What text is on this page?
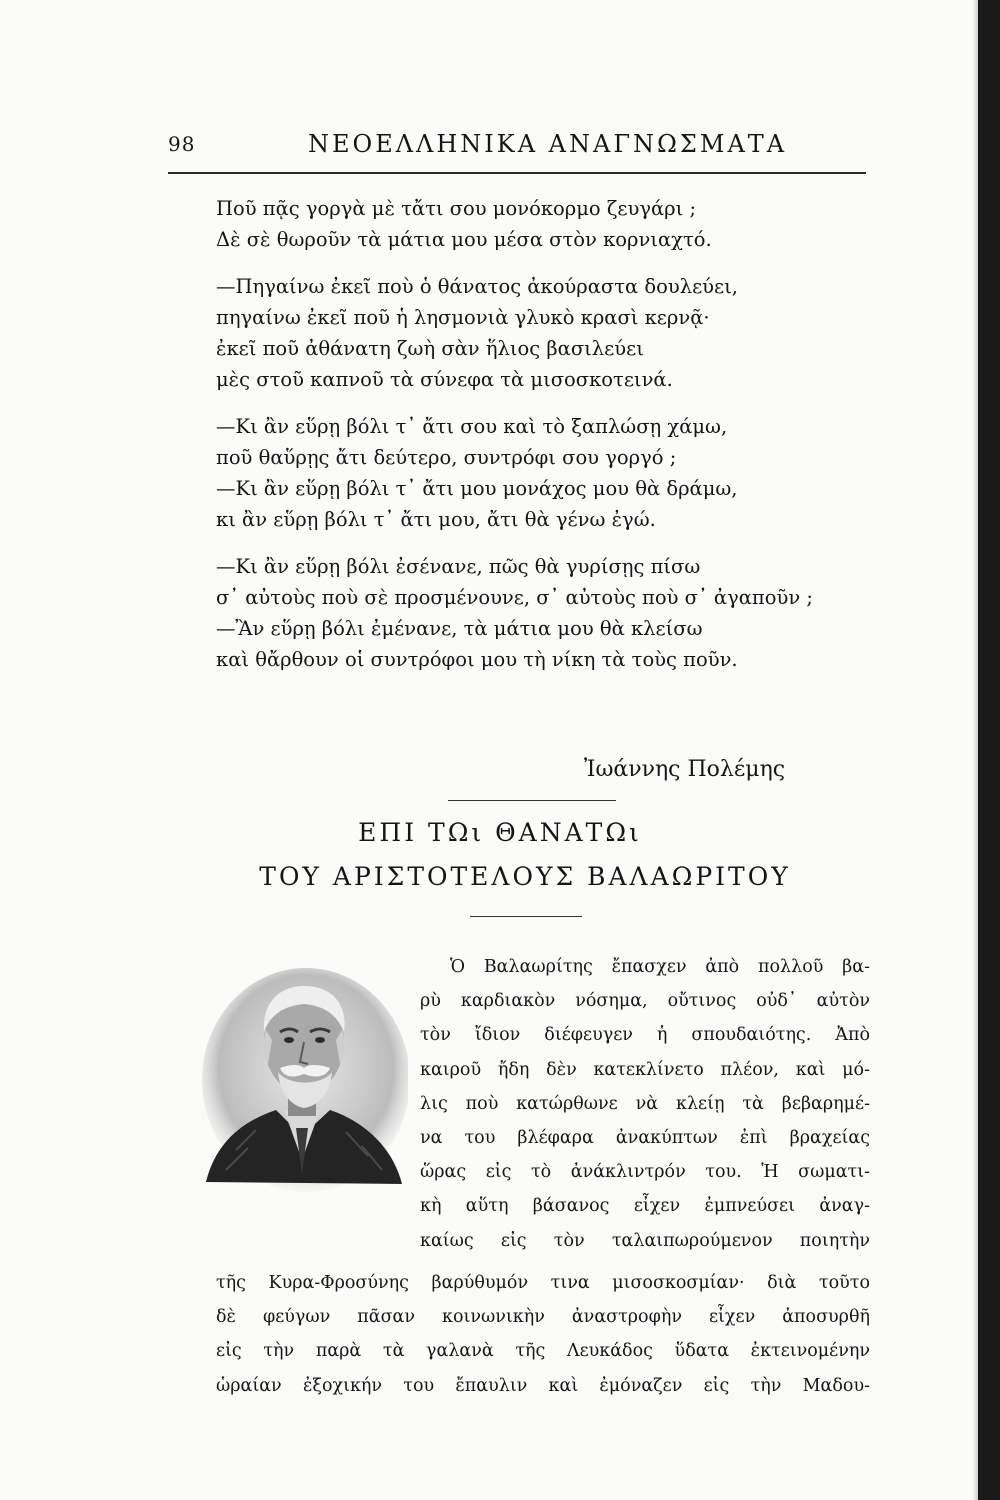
98	ΝΕΟΕΛΛΗΝΙΚΑ ΑΝΑΓΝΩΣΜΑΤΑ
Ποῦ πᾷς γοργὰ μὲ τἄτι σου μονόκορμο ζευγάρι ;
Δὲ σὲ θωροῦν τὰ μάτια μου μέσα στὸν κορνιαχτό.
—Πηγαίνω ἐκεῖ ποὺ ὁ θάνατος ἀκούραστα δουλεύει,
πηγαίνω ἐκεῖ ποῦ ἡ λησμονιὰ γλυκὸ κρασὶ κερνᾷ·
ἐκεῖ ποῦ ἀθάνατη ζωὴ σὰν ἥλιος βασιλεύει
μὲς στοῦ καπνοῦ τὰ σύνεφα τὰ μισοσκοτεινά.
—Κι ἂν εὕρῃ βόλι τ᾽ ἄτι σου καὶ τὸ ξαπλώσῃ χάμω,
ποῦ θαὕρῃς ἄτι δεύτερο, συντρόφι σου γοργό ;
—Κι ἂν εὕρῃ βόλι τ᾽ ἄτι μου μονάχος μου θὰ δράμω,
κι ἂν εὕρῃ βόλι τ᾽ ἄτι μου, ἄτι θὰ γένω ἐγώ.
—Κι ἂν εὕρῃ βόλι ἐσένανε, πῶς θὰ γυρίσῃς πίσω
σ᾽ αὐτοὺς ποὺ σὲ προσμένουνε, σ᾽ αὐτοὺς ποὺ σ᾽ ἀγαποῦν ;
—Ἂν εὕρῃ βόλι ἐμένανε, τὰ μάτια μου θὰ κλείσω
καὶ θἄρθουν οἱ συντρόφοι μου τὴ νίκη τὰ τοὺς ποῦν.
Ἰωάννης Πολέμης
ΕΠΙ ΤΩι ΘΑΝΑΤΩι
ΤΟΥ ΑΡΙΣΤΟΤΕΛΟΥΣ ΒΑΛΑΩΡΙΤΟΥ
Ὁ Βαλαωρίτης ἔπασχεν ἀπὸ πολλοῦ βα-
ρὺ καρδιακὸν νόσημα, οὔτινος οὐδ᾽ αὐτὸν
τὸν ἴδιον διέφευγεν ἡ σπουδαιότης. Ἀπὸ
καιροῦ ἤδη δὲν κατεκλίνετο πλέον, καὶ μό-
λις ποὺ κατώρθωνε νὰ κλείῃ τὰ βεβαρημέ-
να του βλέφαρα ἀνακύπτων ἐπὶ βραχείας
ὥρας εἰς τὸ ἀνάκλιντρόν του. Ἡ σωματι-
κὴ αὕτη βάσανος εἶχεν ἐμπνεύσει ἀναγ-
καίως εἰς τὸν ταλαιπωρούμενον ποιητὴν
τῆς Κυρα-Φροσύνης βαρύθυμόν τινα μισοσκοσμίαν· διὰ τοῦτο
δὲ φεύγων πᾶσαν κοινωνικὴν ἀναστροφὴν εἶχεν ἀποσυρθῆ
εἰς τὴν παρὰ τὰ γαλανὰ τῆς Λευκάδος ὕδατα ἐκτεινομένην
ὡραίαν ἐξοχικήν του ἔπαυλιν καὶ ἐμόναζεν εἰς τὴν Μαδου-
